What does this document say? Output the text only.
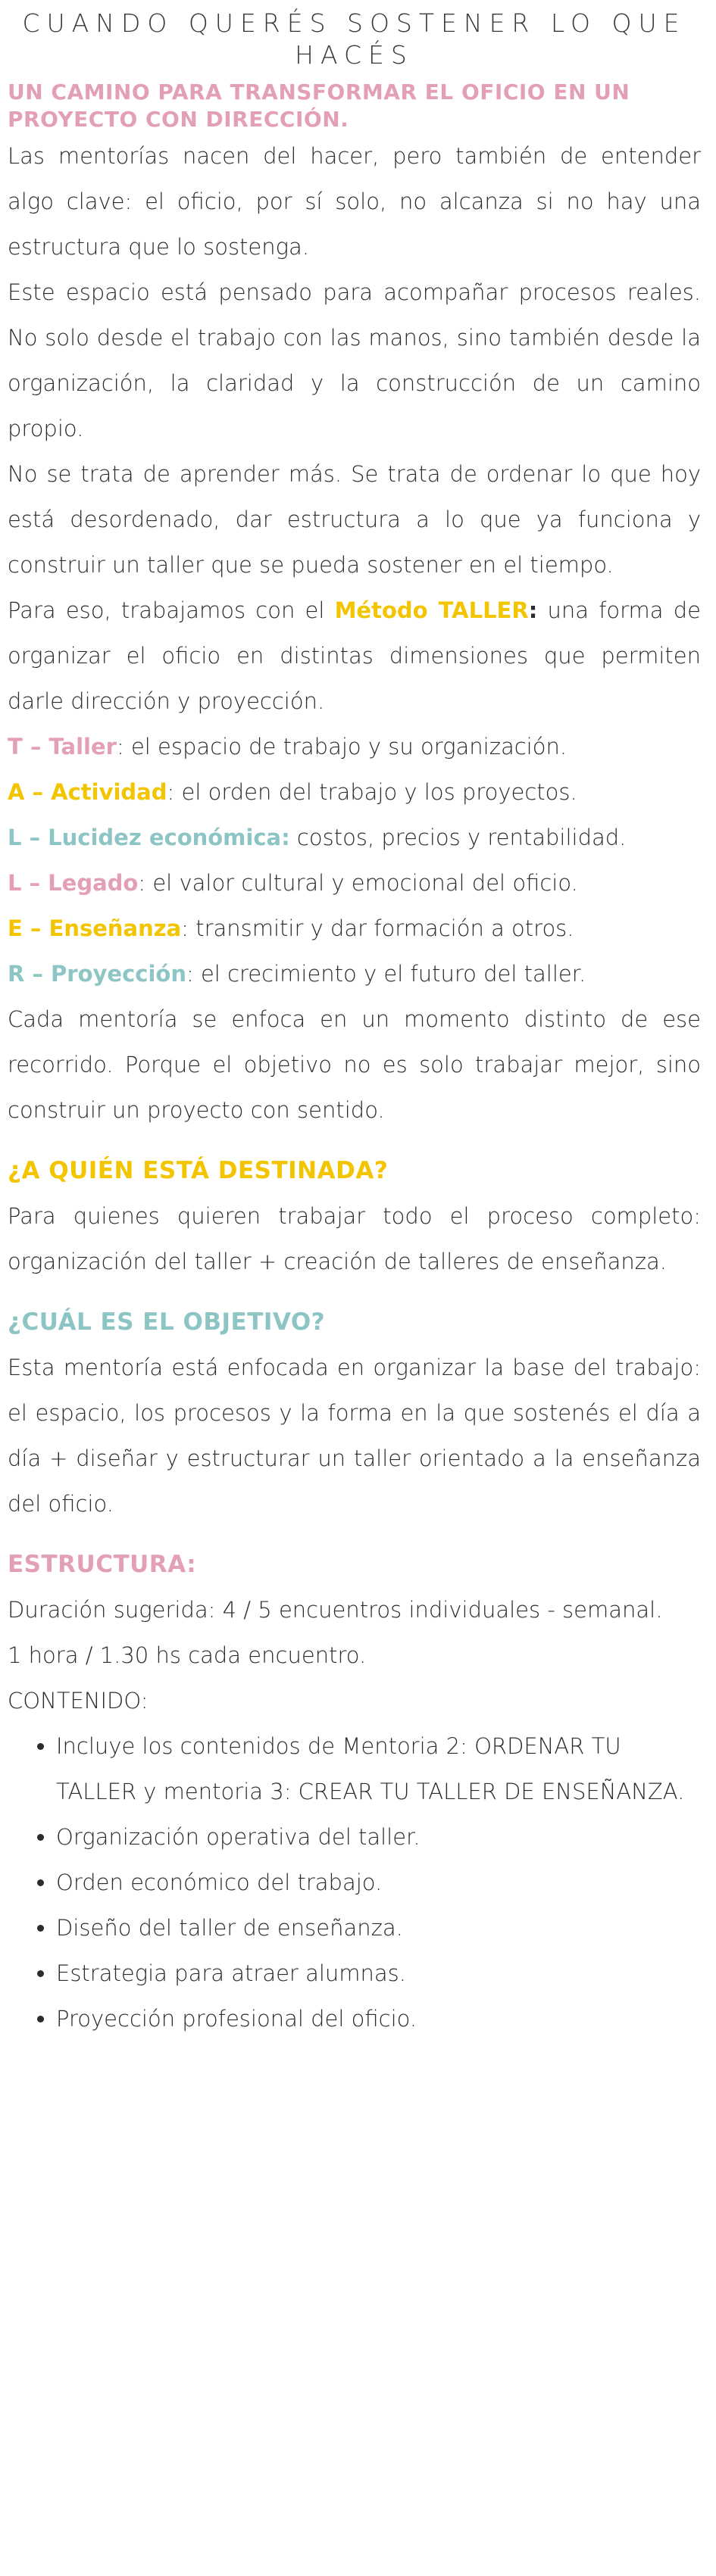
CUANDO QUERÉS SOSTENER LO QUE HACÉS
UN CAMINO PARA TRANSFORMAR EL OFICIO EN UN PROYECTO CON DIRECCIÓN.

Las mentorías nacen del hacer, pero también de entender algo clave: el oficio, por sí solo, no alcanza si no hay una estructura que lo sostenga.

Este espacio está pensado para acompañar procesos reales. No solo desde el trabajo con las manos, sino también desde la organización, la claridad y la construcción de un camino propio.

No se trata de aprender más. Se trata de ordenar lo que hoy está desordenado, dar estructura a lo que ya funciona y construir un taller que se pueda sostener en el tiempo.

Para eso, trabajamos con el Método TALLER: una forma de organizar el oficio en distintas dimensiones que permiten darle dirección y proyección.

T – Taller: el espacio de trabajo y su organización.

A – Actividad: el orden del trabajo y los proyectos.

L – Lucidez económica: costos, precios y rentabilidad.

L – Legado: el valor cultural y emocional del oficio.

E – Enseñanza: transmitir y dar formación a otros.

R – Proyección: el crecimiento y el futuro del taller.

Cada mentoría se enfoca en un momento distinto de ese recorrido. Porque el objetivo no es solo trabajar mejor, sino construir un proyecto con sentido.

¿A QUIÉN ESTÁ DESTINADA?

Para quienes quieren trabajar todo el proceso completo: organización del taller + creación de talleres de enseñanza.

¿CUÁL ES EL OBJETIVO?

Esta mentoría está enfocada en organizar la base del trabajo: el espacio, los procesos y la forma en la que sostenés el día a día + diseñar y estructurar un taller orientado a la enseñanza del oficio.

ESTRUCTURA:

Duración sugerida: 4 / 5 encuentros individuales - semanal.

1 hora / 1.30 hs cada encuentro.

CONTENIDO:

• Incluye los contenidos de Mentoria 2: ORDENAR TU TALLER y mentoria 3: CREAR TU TALLER DE ENSEÑANZA.
• Organización operativa del taller.
• Orden económico del trabajo.
• Diseño del taller de enseñanza.
• Estrategia para atraer alumnas.
• Proyección profesional del oficio.
